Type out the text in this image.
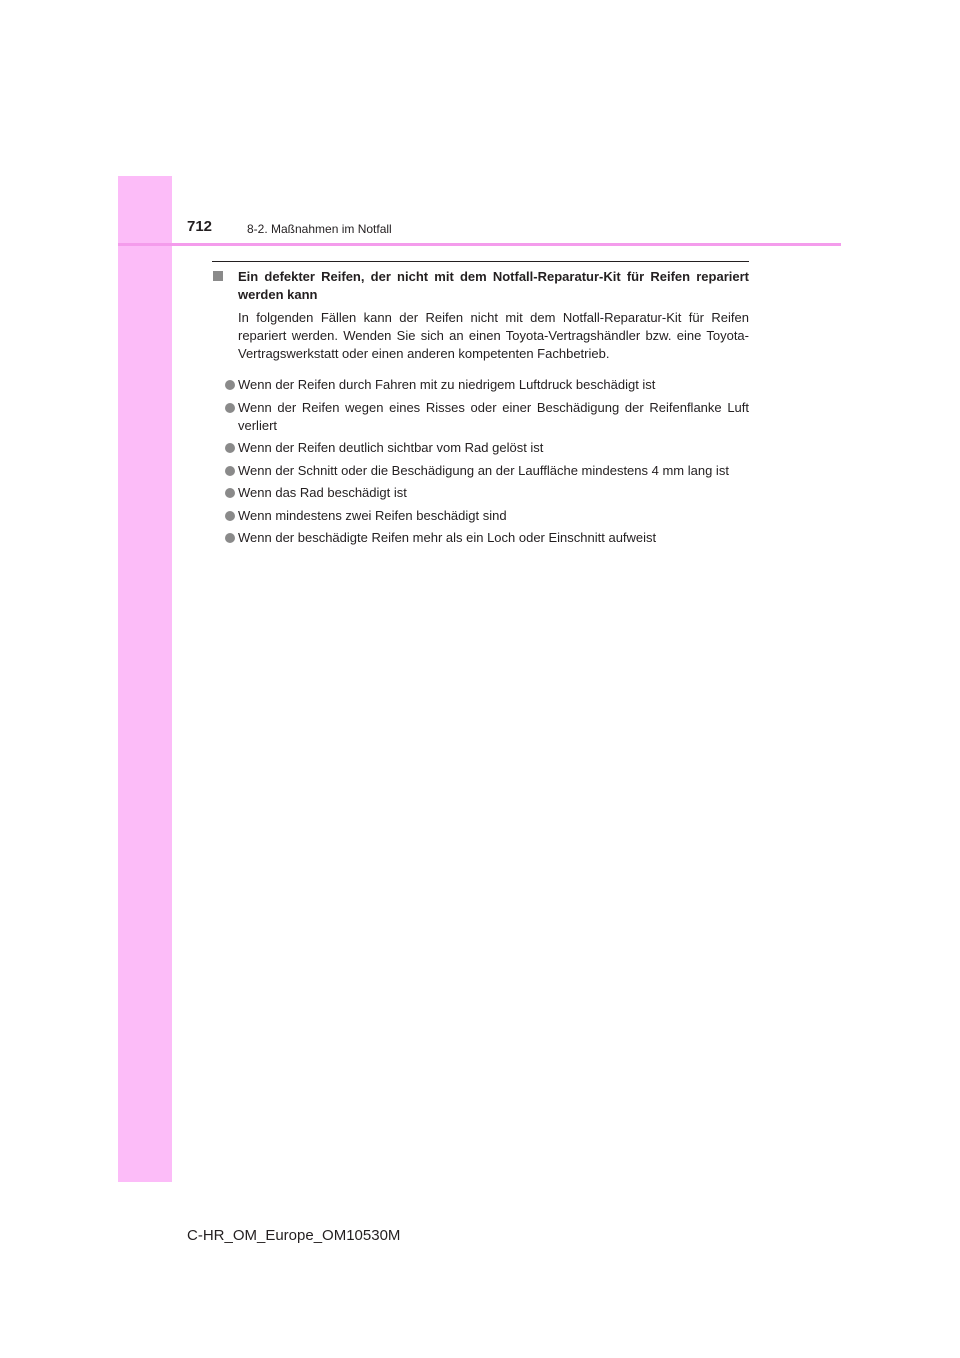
712	8-2. Maßnahmen im Notfall
Ein defekter Reifen, der nicht mit dem Notfall-Reparatur-Kit für Reifen repariert werden kann

In folgenden Fällen kann der Reifen nicht mit dem Notfall-Reparatur-Kit für Reifen repariert werden. Wenden Sie sich an einen Toyota-Vertragshändler bzw. eine Toyota-Vertragswerkstatt oder einen anderen kompetenten Fachbetrieb.

Wenn der Reifen durch Fahren mit zu niedrigem Luftdruck beschädigt ist
Wenn der Reifen wegen eines Risses oder einer Beschädigung der Reifenflanke Luft verliert
Wenn der Reifen deutlich sichtbar vom Rad gelöst ist
Wenn der Schnitt oder die Beschädigung an der Lauffläche mindestens 4 mm lang ist
Wenn das Rad beschädigt ist
Wenn mindestens zwei Reifen beschädigt sind
Wenn der beschädigte Reifen mehr als ein Loch oder Einschnitt aufweist
C-HR_OM_Europe_OM10530M
